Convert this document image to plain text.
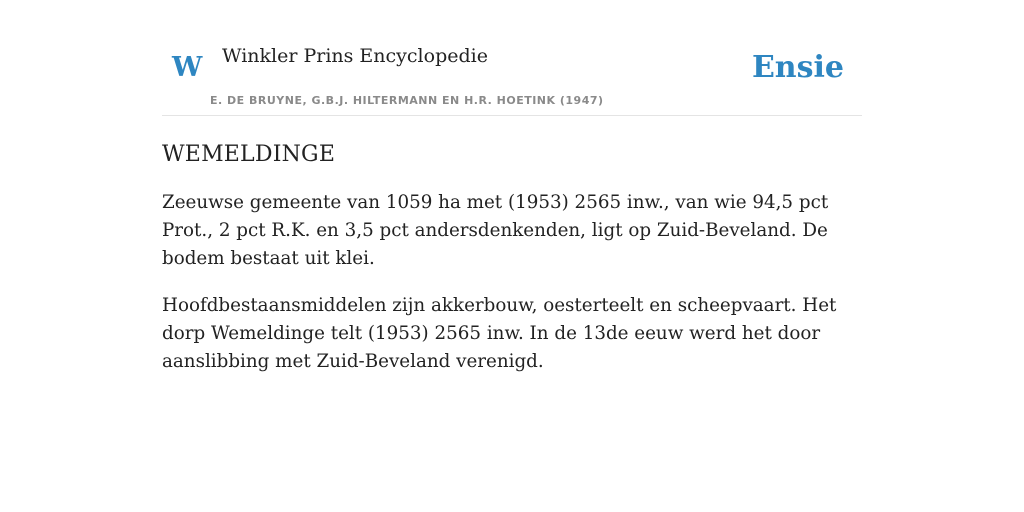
W Winkler Prins Encyclopedie
E. DE BRUYNE, G.B.J. HILTERMANN EN H.R. HOETINK (1947)
Ensie
WEMELDINGE

Zeeuwse gemeente van 1059 ha met (1953) 2565 inw., van wie 94,5 pct Prot., 2 pct R.K. en 3,5 pct andersdenkenden, ligt op Zuid-Beveland. De bodem bestaat uit klei.

Hoofdbestaansmiddelen zijn akkerbouw, oesterteelt en scheepvaart. Het dorp Wemeldinge telt (1953) 2565 inw. In de 13de eeuw werd het door aanslibbing met Zuid-Beveland verenigd.
